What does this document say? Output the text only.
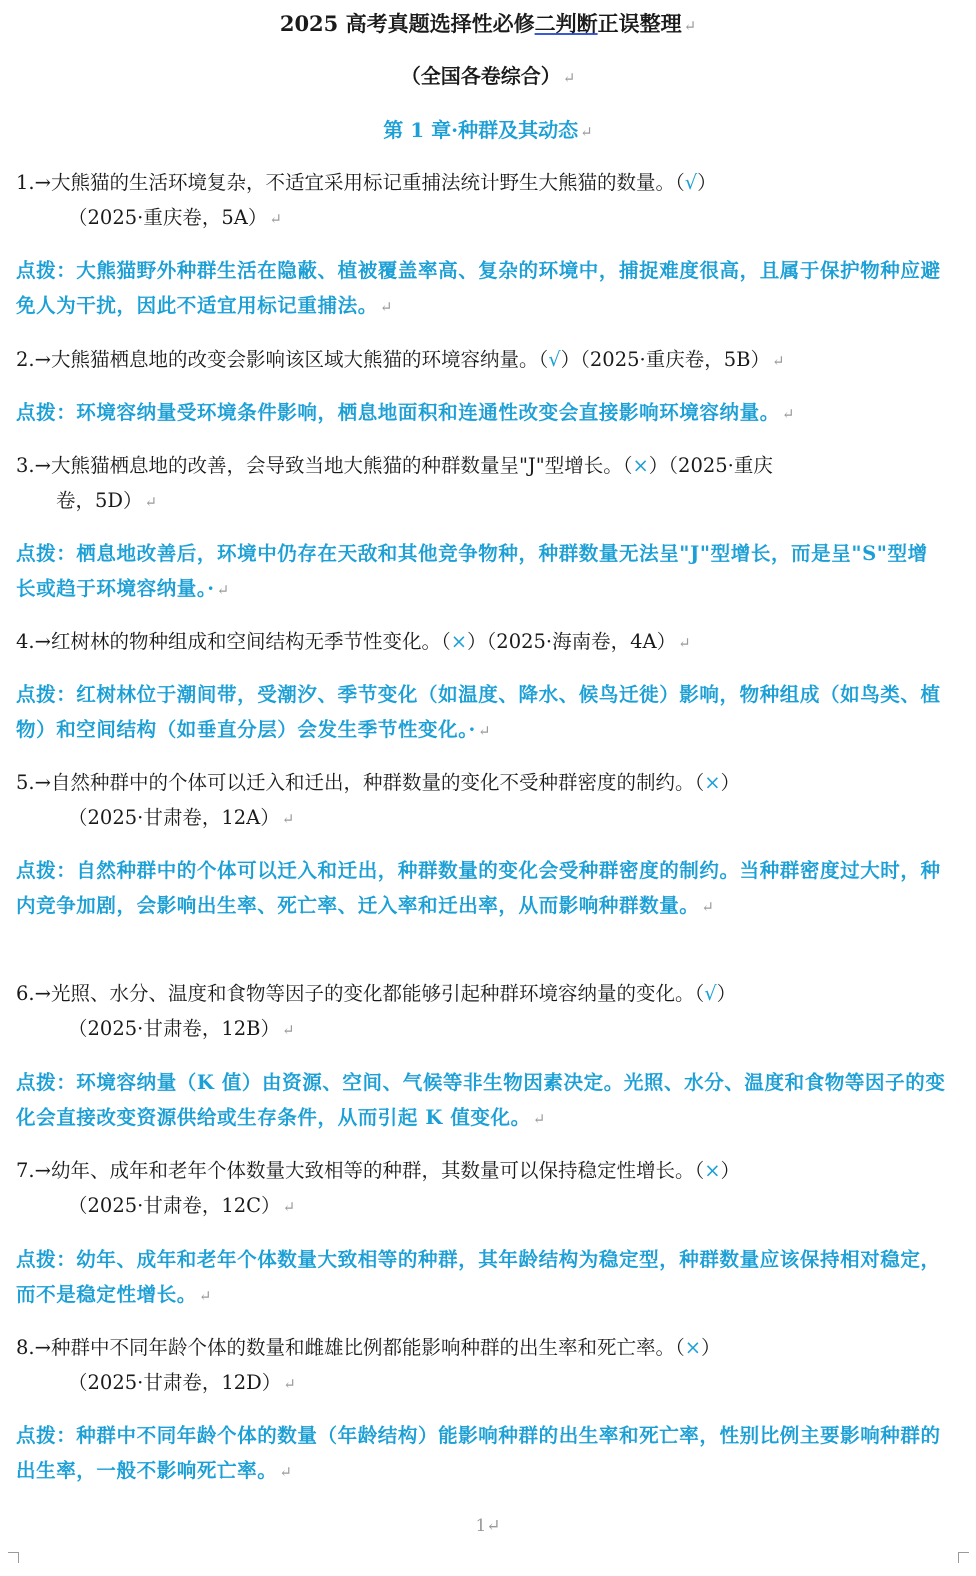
2025 高考真题选择性必修二判断正误整理 ↵
（全国各卷综合） ↵
第 1 章·种群及其动态 ↵
1.→大熊猫的生活环境复杂，不适宜采用标记重捕法统计野生大熊猫的数量。（√）
（2025·重庆卷，5A） ↵
点拨：大熊猫野外种群生活在隐蔽、植被覆盖率高、复杂的环境中，捕捉难度很高，且属于保护物种应避免人为干扰，因此不适宜用标记重捕法。 ↵
2.→大熊猫栖息地的改变会影响该区域大熊猫的环境容纳量。（√）（2025·重庆卷，5B） ↵
点拨：环境容纳量受环境条件影响，栖息地面积和连通性改变会直接影响环境容纳量。 ↵
3.→大熊猫栖息地的改善，会导致当地大熊猫的种群数量呈"J"型增长。（×）（2025·重庆
卷，5D） ↵
点拨：栖息地改善后，环境中仍存在天敌和其他竞争物种，种群数量无法呈"J"型增长，而是呈"S"型增长或趋于环境容纳量。· ↵
4.→红树林的物种组成和空间结构无季节性变化。（×）（2025·海南卷，4A） ↵
点拨：红树林位于潮间带，受潮汐、季节变化（如温度、降水、候鸟迁徙）影响，物种组成（如鸟类、植物）和空间结构（如垂直分层）会发生季节性变化。· ↵
5.→自然种群中的个体可以迁入和迁出，种群数量的变化不受种群密度的制约。（×）
（2025·甘肃卷，12A） ↵
点拨：自然种群中的个体可以迁入和迁出，种群数量的变化会受种群密度的制约。当种群密度过大时，种内竞争加剧，会影响出生率、死亡率、迁入率和迁出率，从而影响种群数量。 ↵
6.→光照、水分、温度和食物等因子的变化都能够引起种群环境容纳量的变化。（√）
（2025·甘肃卷，12B） ↵
点拨：环境容纳量（K 值）由资源、空间、气候等非生物因素决定。光照、水分、温度和食物等因子的变化会直接改变资源供给或生存条件，从而引起 K 值变化。 ↵
7.→幼年、成年和老年个体数量大致相等的种群，其数量可以保持稳定性增长。（×）
（2025·甘肃卷，12C） ↵
点拨：幼年、成年和老年个体数量大致相等的种群，其年龄结构为稳定型，种群数量应该保持相对稳定，而不是稳定性增长。 ↵
8.→种群中不同年龄个体的数量和雌雄比例都能影响种群的出生率和死亡率。（×）
（2025·甘肃卷，12D） ↵
点拨：种群中不同年龄个体的数量（年龄结构）能影响种群的出生率和死亡率，性别比例主要影响种群的出生率，一般不影响死亡率。 ↵
1↵
